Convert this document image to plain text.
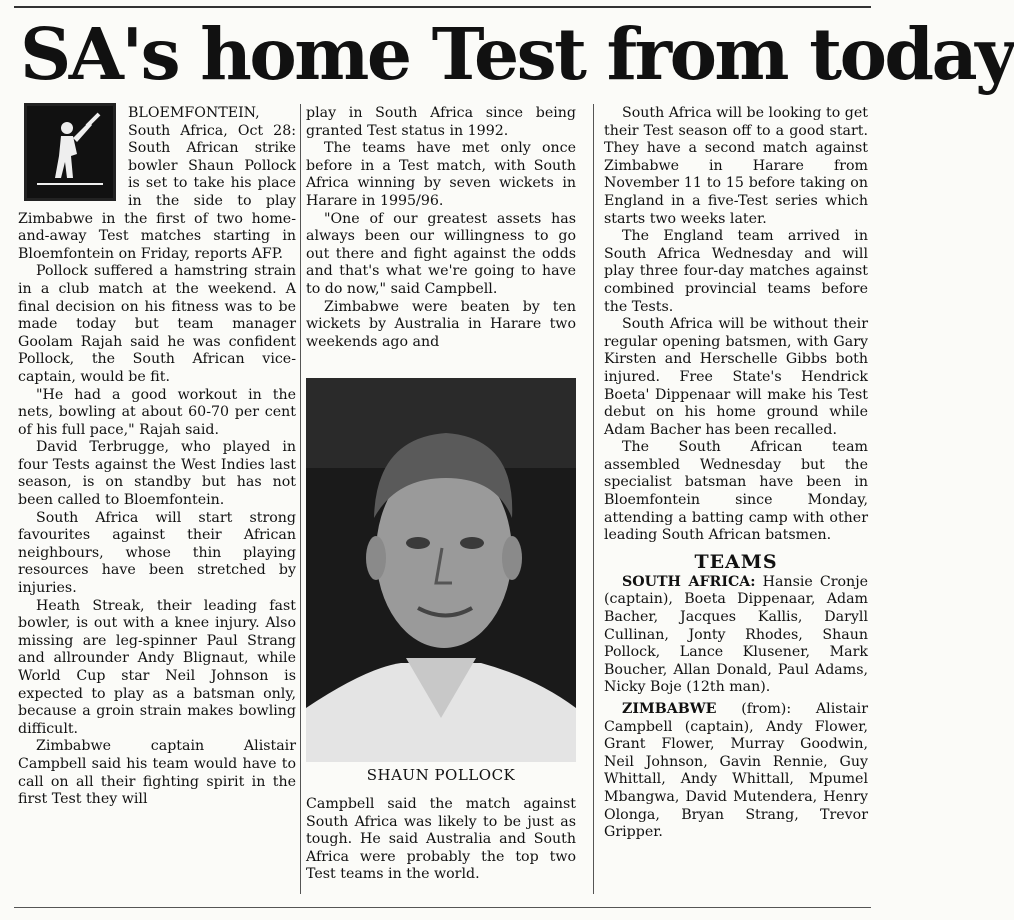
SA's home Test from today

BLOEMFONTEIN, South Africa, Oct 28: South African strike bowler Shaun Pollock is set to take his place in the side to play Zimbabwe in the first of two home-and-away Test matches starting in Bloemfontein on Friday, reports AFP.

Pollock suffered a hamstring strain in a club match at the weekend. A final decision on his fitness was to be made today but team manager Goolam Rajah said he was confident Pollock, the South African vice-captain, would be fit.

"He had a good workout in the nets, bowling at about 60-70 per cent of his full pace," Rajah said.

David Terbrugge, who played in four Tests against the West Indies last season, is on standby but has not been called to Bloemfontein.

South Africa will start strong favourites against their African neighbours, whose thin playing resources have been stretched by injuries.

Heath Streak, their leading fast bowler, is out with a knee injury. Also missing are leg-spinner Paul Strang and allrounder Andy Blignaut, while World Cup star Neil Johnson is expected to play as a batsman only, because a groin strain makes bowling difficult.

Zimbabwe captain Alistair Campbell said his team would have to call on all their fighting spirit in the first Test they will

play in South Africa since being granted Test status in 1992.

The teams have met only once before in a Test match, with South Africa winning by seven wickets in Harare in 1995/96.

"One of our greatest assets has always been our willingness to go out there and fight against the odds and that's what we're going to have to do now," said Campbell.

Zimbabwe were beaten by ten wickets by Australia in Harare two weekends ago and

SHAUN POLLOCK

Campbell said the match against South Africa was likely to be just as tough. He said Australia and South Africa were probably the top two Test teams in the world.

South Africa will be looking to get their Test season off to a good start. They have a second match against Zimbabwe in Harare from November 11 to 15 before taking on England in a five-Test series which starts two weeks later.

The England team arrived in South Africa Wednesday and will play three four-day matches against combined provincial teams before the Tests.

South Africa will be without their regular opening batsmen, with Gary Kirsten and Herschelle Gibbs both injured. Free State's Hendrick Boeta' Dippenaar will make his Test debut on his home ground while Adam Bacher has been recalled.

The South African team assembled Wednesday but the specialist batsman have been in Bloemfontein since Monday, attending a batting camp with other leading South African batsmen.

TEAMS

SOUTH AFRICA: Hansie Cronje (captain), Boeta Dippenaar, Adam Bacher, Jacques Kallis, Daryll Cullinan, Jonty Rhodes, Shaun Pollock, Lance Klusener, Mark Boucher, Allan Donald, Paul Adams, Nicky Boje (12th man).

ZIMBABWE (from): Alistair Campbell (captain), Andy Flower, Grant Flower, Murray Goodwin, Neil Johnson, Gavin Rennie, Guy Whittall, Andy Whittall, Mpumel Mbangwa, David Mutendera, Henry Olonga, Bryan Strang, Trevor Gripper.
